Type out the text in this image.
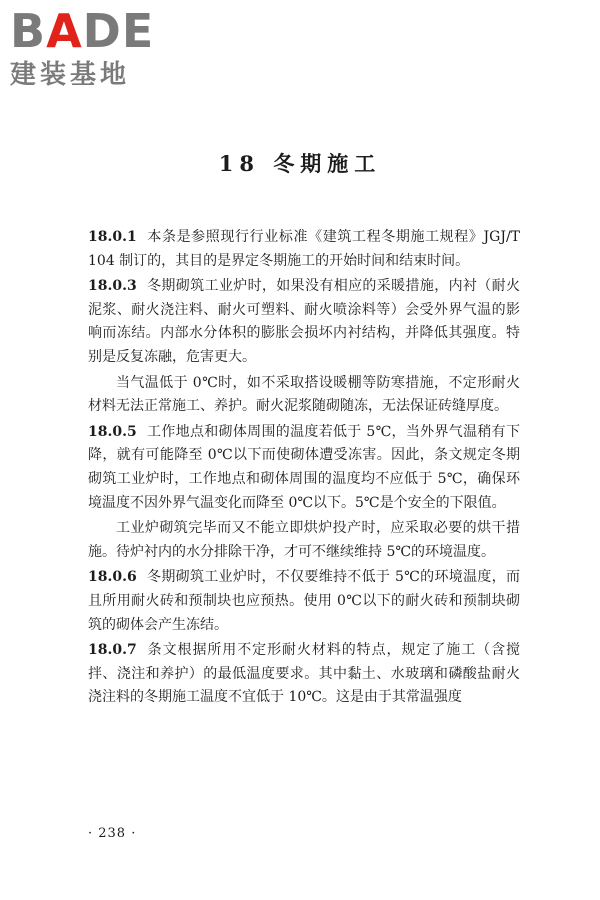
BADE
建装基地
18 冬期施工

18.0.1 本条是参照现行行业标准《建筑工程冬期施工规程》JGJ/T 104 制订的，其目的是界定冬期施工的开始时间和结束时间。

18.0.3 冬期砌筑工业炉时，如果没有相应的采暖措施，内衬（耐火泥浆、耐火浇注料、耐火可塑料、耐火喷涂料等）会受外界气温的影响而冻结。内部水分体积的膨胀会损坏内衬结构，并降低其强度。特别是反复冻融，危害更大。

当气温低于 0℃时，如不采取搭设暖棚等防寒措施，不定形耐火材料无法正常施工、养护。耐火泥浆随砌随冻，无法保证砖缝厚度。

18.0.5 工作地点和砌体周围的温度若低于 5℃，当外界气温稍有下降，就有可能降至 0℃以下而使砌体遭受冻害。因此，条文规定冬期砌筑工业炉时，工作地点和砌体周围的温度均不应低于 5℃，确保环境温度不因外界气温变化而降至 0℃以下。5℃是个安全的下限值。

工业炉砌筑完毕而又不能立即烘炉投产时，应采取必要的烘干措施。待炉衬内的水分排除干净，才可不继续维持 5℃的环境温度。

18.0.6 冬期砌筑工业炉时，不仅要维持不低于 5℃的环境温度，而且所用耐火砖和预制块也应预热。使用 0℃以下的耐火砖和预制块砌筑的砌体会产生冻结。

18.0.7 条文根据所用不定形耐火材料的特点，规定了施工（含搅拌、浇注和养护）的最低温度要求。其中黏土、水玻璃和磷酸盐耐火浇注料的冬期施工温度不宜低于 10℃。这是由于其常温强度

· 238 ·
